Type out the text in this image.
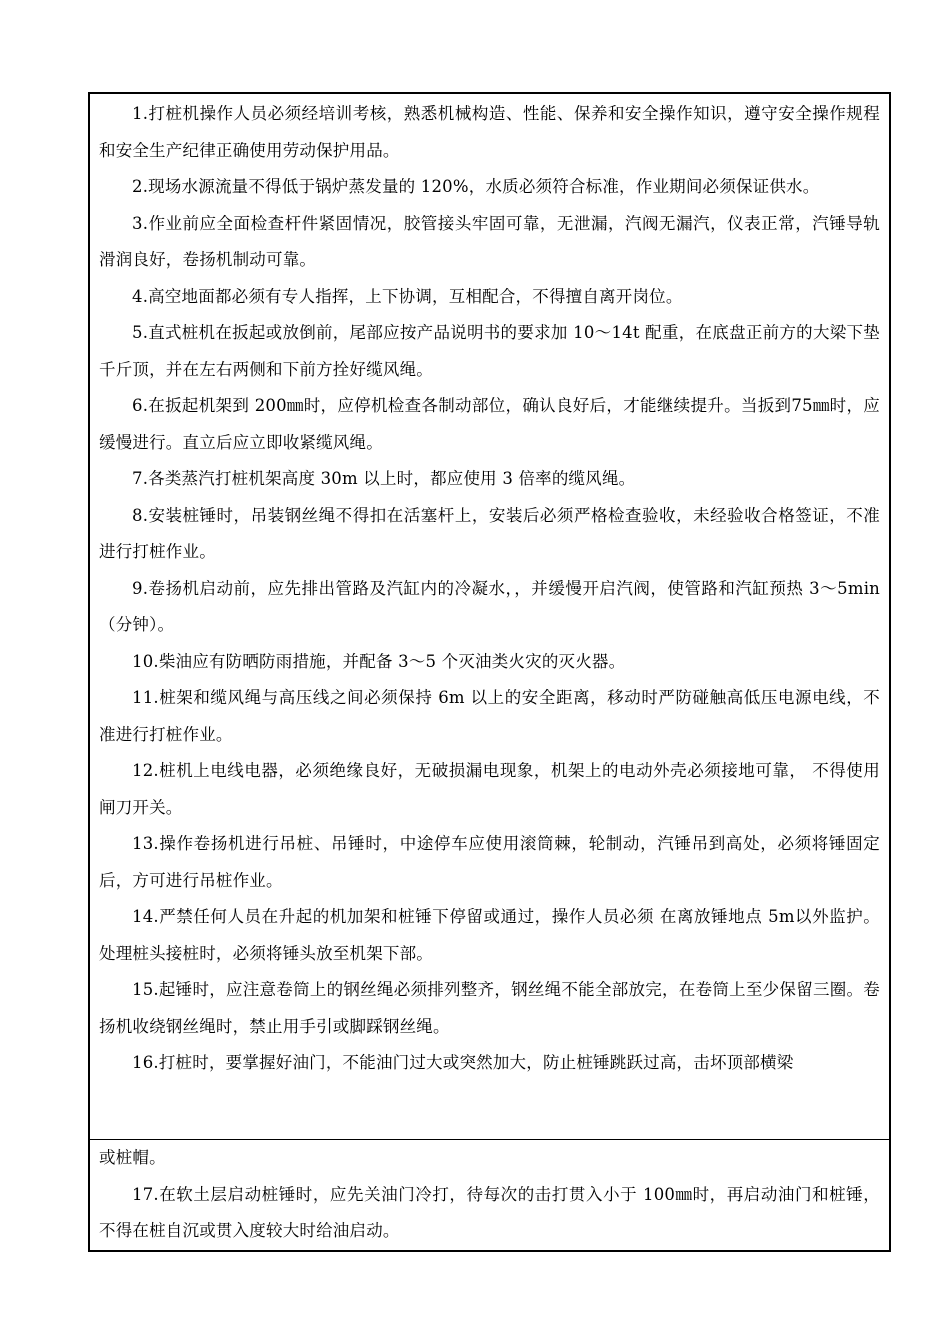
1.打桩机操作人员必须经培训考核，熟悉机械构造、性能、保养和安全操作知识，遵守安全操作规程和安全生产纪律正确使用劳动保护用品。

2.现场水源流量不得低于锅炉蒸发量的 120%，水质必须符合标准，作业期间必须保证供水。

3.作业前应全面检查杆件紧固情况，胶管接头牢固可靠，无泄漏，汽阀无漏汽，仪表正常，汽锤导轨滑润良好，卷扬机制动可靠。

4.高空地面都必须有专人指挥，上下协调，互相配合，不得擅自离开岗位。

5.直式桩机在扳起或放倒前，尾部应按产品说明书的要求加 10～14t 配重，在底盘正前方的大梁下垫千斤顶，并在左右两侧和下前方拴好缆风绳。

6.在扳起机架到 200㎜时，应停机检查各制动部位，确认良好后，才能继续提升。当扳到75㎜时，应缓慢进行。直立后应立即收紧缆风绳。

7.各类蒸汽打桩机架高度 30m 以上时，都应使用 3 倍率的缆风绳。

8.安装桩锤时，吊装钢丝绳不得扣在活塞杆上，安装后必须严格检查验收，未经验收合格签证，不准进行打桩作业。

9.卷扬机启动前，应先排出管路及汽缸内的冷凝水，，并缓慢开启汽阀，使管路和汽缸预热 3～5min（分钟）。

10.柴油应有防晒防雨措施，并配备 3～5 个灭油类火灾的灭火器。

11.桩架和缆风绳与高压线之间必须保持 6m 以上的安全距离，移动时严防碰触高低压电源电线，不准进行打桩作业。

12.桩机上电线电器，必须绝缘良好，无破损漏电现象，机架上的电动外壳必须接地可靠， 不得使用闸刀开关。

13.操作卷扬机进行吊桩、吊锤时，中途停车应使用滚筒棘，轮制动，汽锤吊到高处，必须将锤固定后，方可进行吊桩作业。

14.严禁任何人员在升起的机加架和桩锤下停留或通过，操作人员必须 在离放锤地点 5m以外监护。处理桩头接桩时，必须将锤头放至机架下部。

15.起锤时，应注意卷筒上的钢丝绳必须排列整齐，钢丝绳不能全部放完，在卷筒上至少保留三圈。卷扬机收绕钢丝绳时，禁止用手引或脚踩钢丝绳。

16.打桩时，要掌握好油门，不能油门过大或突然加大，防止桩锤跳跃过高，击坏顶部横梁

或桩帽。

17.在软土层启动桩锤时，应先关油门冷打，待每次的击打贯入小于 100㎜时，再启动油门和桩锤，不得在桩自沉或贯入度较大时给油启动。
